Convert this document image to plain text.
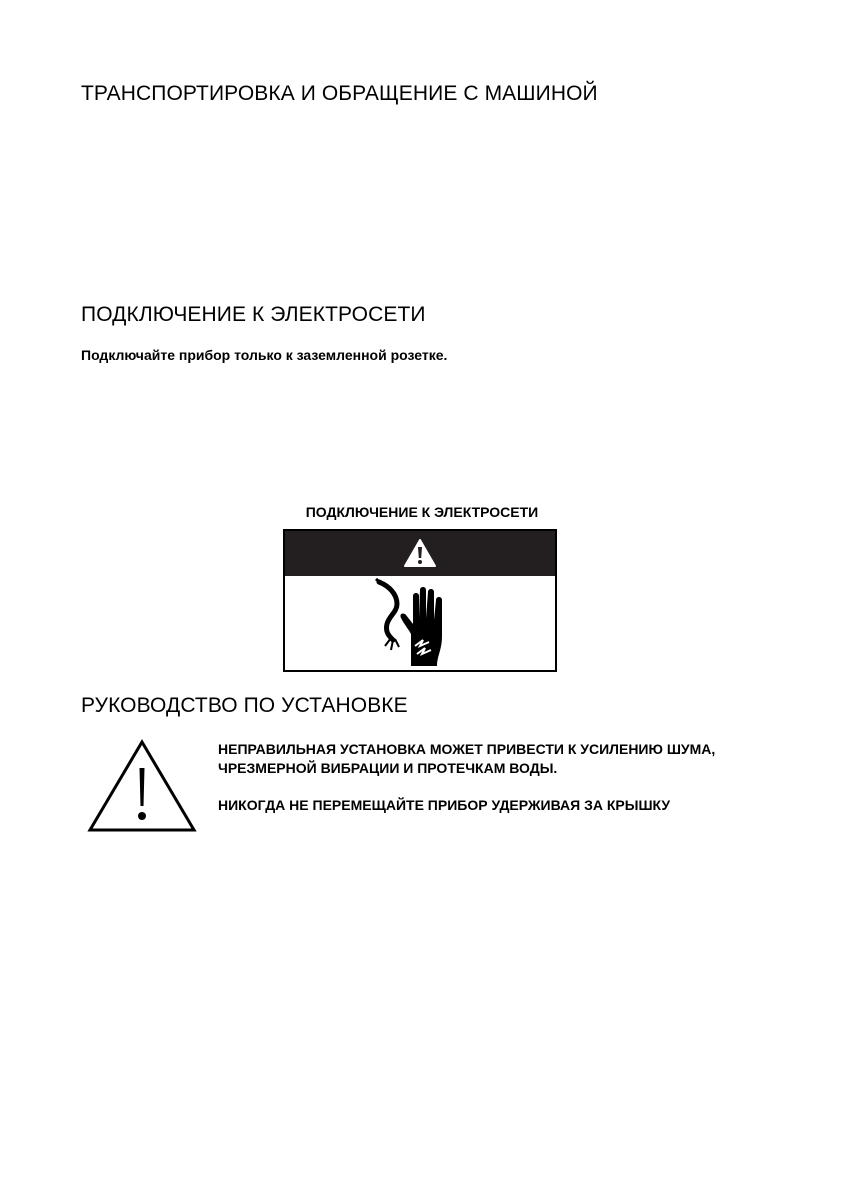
ТРАНСПОРТИРОВКА И ОБРАЩЕНИЕ С МАШИНОЙ
ПОДКЛЮЧЕНИЕ К ЭЛЕКТРОСЕТИ

Подключайте прибор только к заземленной розетке.

ПОДКЛЮЧЕНИЕ К ЭЛЕКТРОСЕТИ
РУКОВОДСТВО ПО УСТАНОВКЕ

НЕПРАВИЛЬНАЯ УСТАНОВКА МОЖЕТ ПРИВЕСТИ К УСИЛЕНИЮ ШУМА, ЧРЕЗМЕРНОЙ ВИБРАЦИИ И ПРОТЕЧКАМ ВОДЫ.

НИКОГДА НЕ ПЕРЕМЕЩАЙТЕ ПРИБОР УДЕРЖИВАЯ ЗА КРЫШКУ
